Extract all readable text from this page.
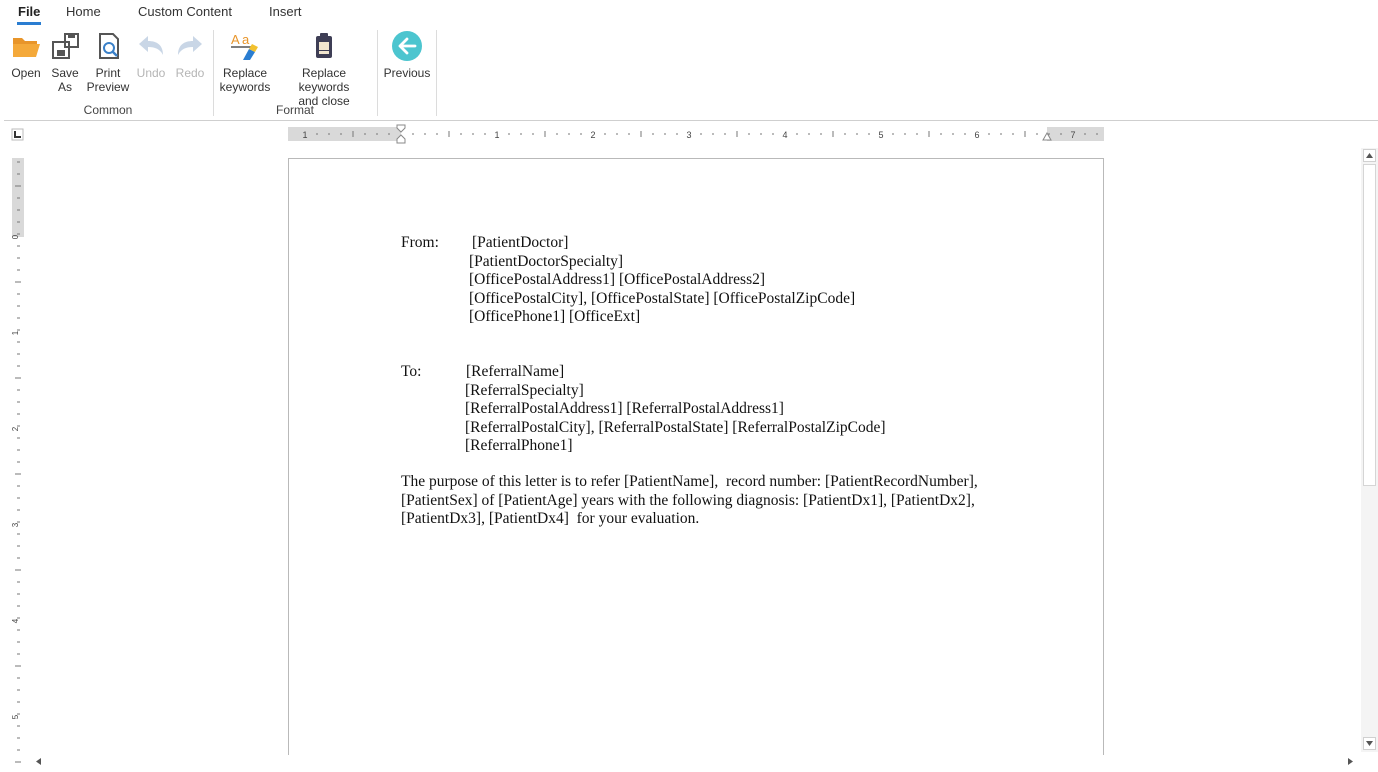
File Home	Custom Content	Insert
Open Save
As
Print
Preview
Undo Redo
Common
A a
Replace
keywords
Replace keywords
and close
Format
Previous
1	1	2	3	4	5	6	7
0
1
2
3
4
5
From: [PatientDoctor]
[PatientDoctorSpecialty]
[OfficePostalAddress1] [OfficePostalAddress2]
[OfficePostalCity], [OfficePostalState] [OfficePostalZipCode]
[OfficePhone1] [OfficeExt]
To:	[ReferralName]
[ReferralSpecialty]
[ReferralPostalAddress1] [ReferralPostalAddress1]
[ReferralPostalCity], [ReferralPostalState] [ReferralPostalZipCode]
[ReferralPhone1]
The purpose of this letter is to refer [PatientName],  record number: [PatientRecordNumber],
[PatientSex] of [PatientAge] years with the following diagnosis: [PatientDx1], [PatientDx2],
[PatientDx3], [PatientDx4]  for your evaluation.
